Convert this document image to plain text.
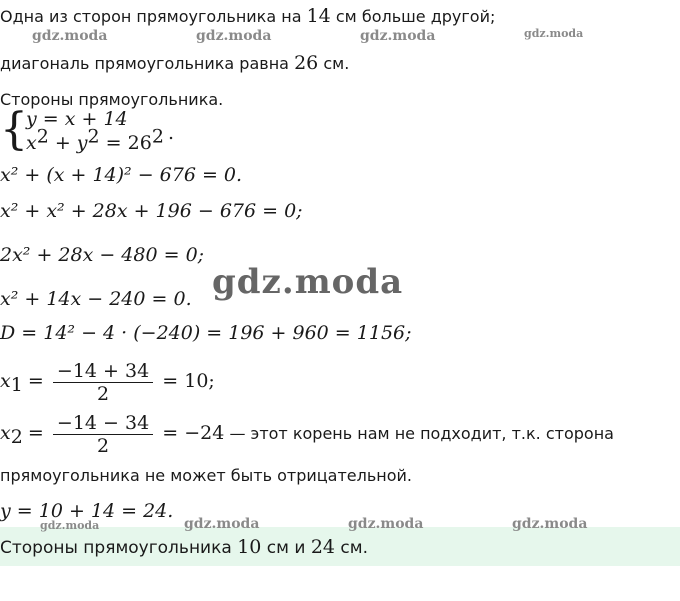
Одна из сторон прямоугольника на 14 см больше другой;
gdz.moda	gdz.moda	gdz.moda	gdz.moda
диагональ прямоугольника равна 26 см.
Стороны прямоугольника.
{
y = x + 14
$x^2 + y^2 = 26^2$ .
x² + (x + 14)² − 676 = 0.
x² + x² + 28x + 196 − 676 = 0;
2x² + 28x − 480 = 0;
gdz.moda
x² + 14x − 240 = 0.
D = 14² − 4 · (−240) = 196 + 960 = 1156;
$x_1 = \frac{-14 + 34}{2} = 10$;
$x_2 = \frac{-14 - 34}{2} = -24$ — этот корень нам не подходит, т.к. сторона
прямоугольника не может быть отрицательной.
y = 10 + 14 = 24.
Стороны прямоугольника 10 см и 24 см.
gdz.moda	gdz.moda	gdz.moda	gdz.moda
